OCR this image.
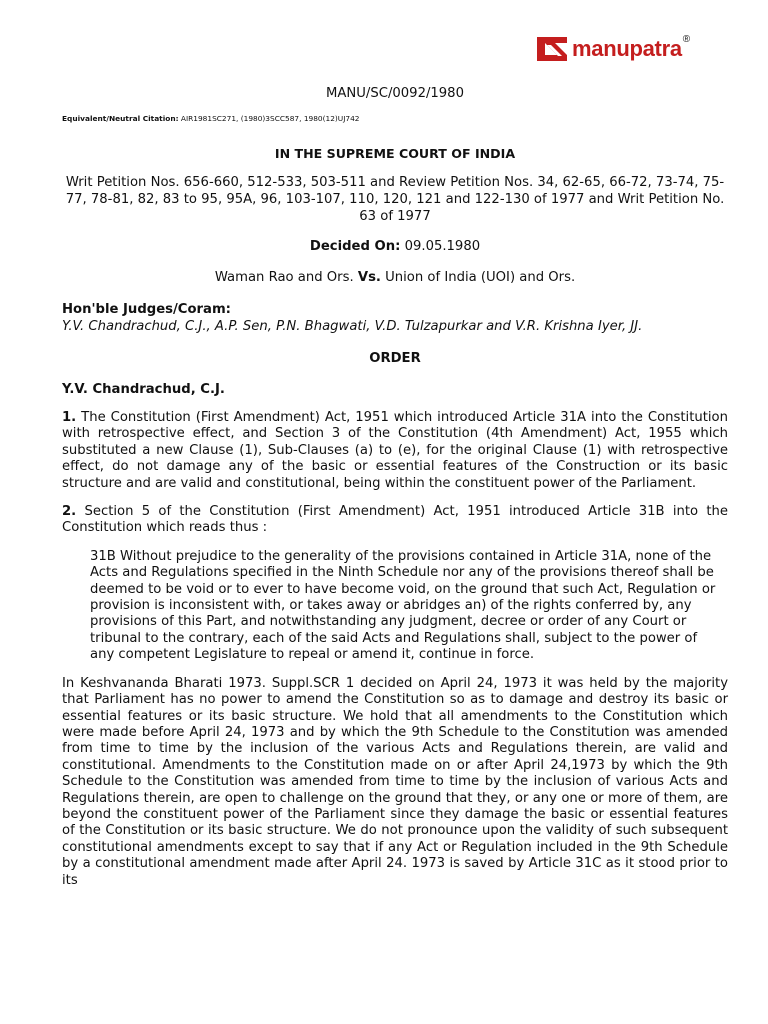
manupatra ®

MANU/SC/0092/1980

Equivalent/Neutral Citation: AIR1981SC271, (1980)3SCC587, 1980(12)UJ742

IN THE SUPREME COURT OF INDIA

Writ Petition Nos. 656-660, 512-533, 503-511 and Review Petition Nos. 34, 62-65, 66-72, 73-74, 75-77, 78-81, 82, 83 to 95, 95A, 96, 103-107, 110, 120, 121 and 122-130 of 1977 and Writ Petition No. 63 of 1977

Decided On: 09.05.1980

Waman Rao and Ors. Vs. Union of India (UOI) and Ors.

Hon'ble Judges/Coram:

Y.V. Chandrachud, C.J., A.P. Sen, P.N. Bhagwati, V.D. Tulzapurkar and V.R. Krishna Iyer, JJ.

ORDER

Y.V. Chandrachud, C.J.

1. The Constitution (First Amendment) Act, 1951 which introduced Article 31A into the Constitution with retrospective effect, and Section 3 of the Constitution (4th Amendment) Act, 1955 which substituted a new Clause (1), Sub-Clauses (a) to (e), for the original Clause (1) with retrospective effect, do not damage any of the basic or essential features of the Construction or its basic structure and are valid and constitutional, being within the constituent power of the Parliament.

2. Section 5 of the Constitution (First Amendment) Act, 1951 introduced Article 31B into the Constitution which reads thus :

31B Without prejudice to the generality of the provisions contained in Article 31A, none of the Acts and Regulations specified in the Ninth Schedule nor any of the provisions thereof shall be deemed to be void or to ever to have become void, on the ground that such Act, Regulation or provision is inconsistent with, or takes away or abridges an) of the rights conferred by, any provisions of this Part, and notwithstanding any judgment, decree or order of any Court or tribunal to the contrary, each of the said Acts and Regulations shall, subject to the power of any competent Legislature to repeal or amend it, continue in force.

In Keshvananda Bharati 1973. Suppl.SCR 1 decided on April 24, 1973 it was held by the majority that Parliament has no power to amend the Constitution so as to damage and destroy its basic or essential features or its basic structure. We hold that all amendments to the Constitution which were made before April 24, 1973 and by which the 9th Schedule to the Constitution was amended from time to time by the inclusion of the various Acts and Regulations therein, are valid and constitutional. Amendments to the Constitution made on or after April 24,1973 by which the 9th Schedule to the Constitution was amended from time to time by the inclusion of various Acts and Regulations therein, are open to challenge on the ground that they, or any one or more of them, are beyond the constituent power of the Parliament since they damage the basic or essential features of the Constitution or its basic structure. We do not pronounce upon the validity of such subsequent constitutional amendments except to say that if any Act or Regulation included in the 9th Schedule by a constitutional amendment made after April 24. 1973 is saved by Article 31C as it stood prior to its
